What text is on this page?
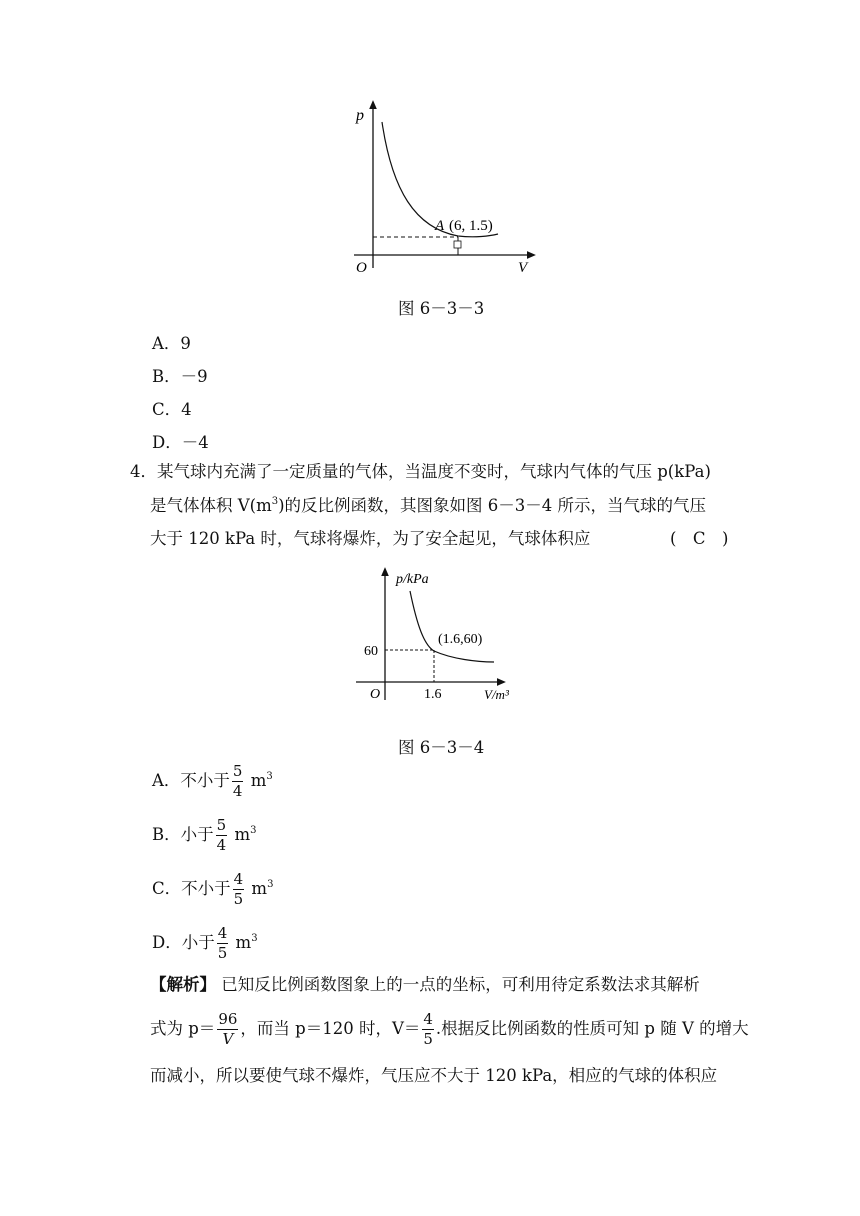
p
V
O
A (6, 1.5)
图 6－3－3
A．9
B．－9
C．4
D．－4
4．某气球内充满了一定质量的气体，当温度不变时，气球内气体的气压 p(kPa)
是气体体积 $V(m^3)$的反比例函数，其图象如图 6－3－4 所示，当气球的气压
大于 120 kPa 时，气球将爆炸，为了安全起见，气球体积应	(　C　)
p/kPa
60
1.6
O	V/m³
(1.6,60)
图 6－3－4
A．不小于 $\frac{5}{4} m^3$
B．小于 $\frac{5}{4} m^3$
C．不小于 $\frac{4}{5} m^3$
D．小于 $\frac{4}{5} m^3$
【解析】 已知反比例函数图象上的一点的坐标，可利用待定系数法求其解析
式为 $p= \frac{96}{V}$ ，而当 p＝120 时，$V= \frac{4}{5}$ .根据反比例函数的性质可知 p 随 V 的增大
而减小，所以要使气球不爆炸，气压应不大于 120 kPa，相应的气球的体积应
